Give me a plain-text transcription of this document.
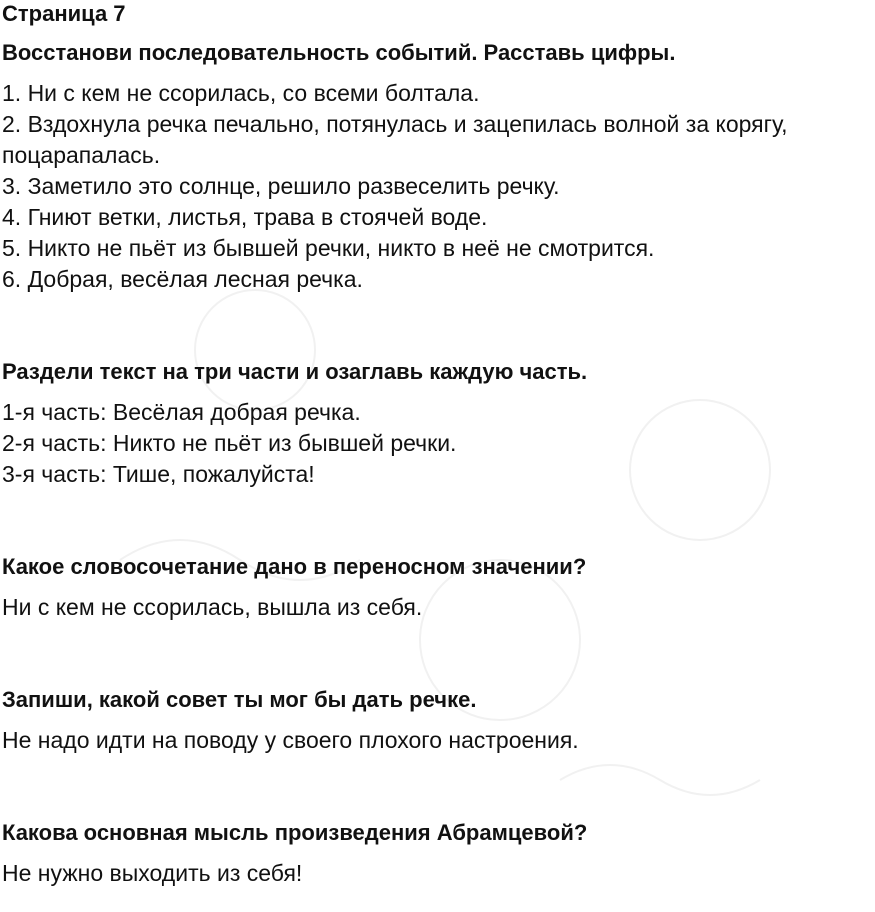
Страница 7
Восстанови последовательность событий. Расставь цифры.
1. Ни с кем не ссорилась, со всеми болтала.
2. Вздохнула речка печально, потянулась и зацепилась волной за корягу, поцарапалась.
3. Заметило это солнце, решило развеселить речку.
4. Гниют ветки, листья, трава в стоячей воде.
5. Никто не пьёт из бывшей речки, никто в неё не смотрится.
6. Добрая, весёлая лесная речка.
Раздели текст на три части и озаглавь каждую часть.
1-я часть: Весёлая добрая речка.
2-я часть: Никто не пьёт из бывшей речки.
3-я часть: Тише, пожалуйста!
Какое словосочетание дано в переносном значении?
Ни с кем не ссорилась, вышла из себя.
Запиши, какой совет ты мог бы дать речке.
Не надо идти на поводу у своего плохого настроения.
Какова основная мысль произведения Абрамцевой?
Не нужно выходить из себя!
